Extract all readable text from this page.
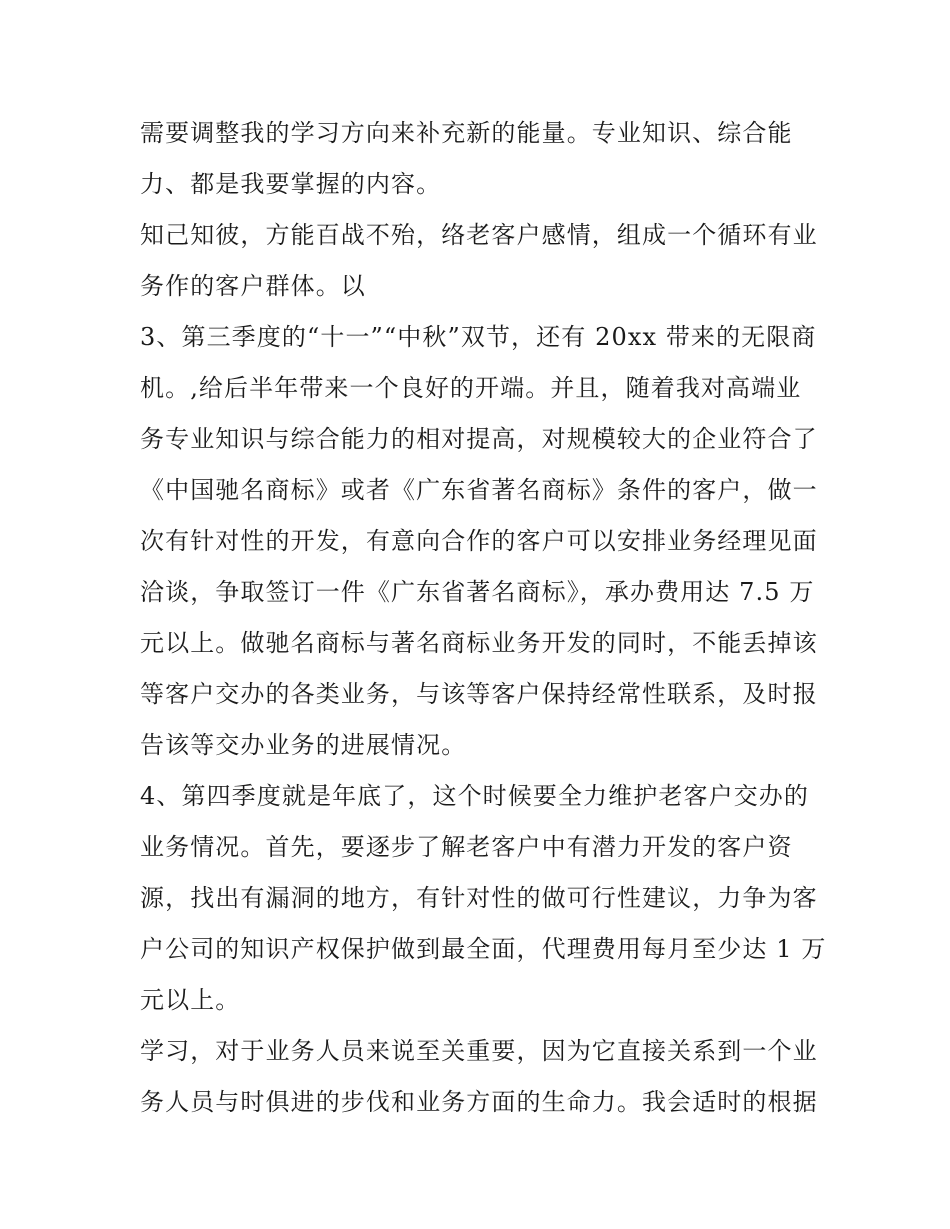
需要调整我的学习方向来补充新的能量。专业知识、综合能
力、都是我要掌握的内容。
知己知彼，方能百战不殆，络老客户感情，组成一个循环有业
务作的客户群体。以
3、第三季度的“十一”“中秋”双节，还有 20xx 带来的无限商
机。,给后半年带来一个良好的开端。并且，随着我对高端业
务专业知识与综合能力的相对提高，对规模较大的企业符合了
《中国驰名商标》或者《广东省著名商标》条件的客户，做一
次有针对性的开发，有意向合作的客户可以安排业务经理见面
洽谈，争取签订一件《广东省著名商标》，承办费用达 7.5 万
元以上。做驰名商标与著名商标业务开发的同时，不能丢掉该
等客户交办的各类业务，与该等客户保持经常性联系，及时报
告该等交办业务的进展情况。
4、第四季度就是年底了，这个时候要全力维护老客户交办的
业务情况。首先，要逐步了解老客户中有潜力开发的客户资
源，找出有漏洞的地方，有针对性的做可行性建议，力争为客
户公司的知识产权保护做到最全面，代理费用每月至少达 1 万
元以上。
学习，对于业务人员来说至关重要，因为它直接关系到一个业
务人员与时俱进的步伐和业务方面的生命力。我会适时的根据
